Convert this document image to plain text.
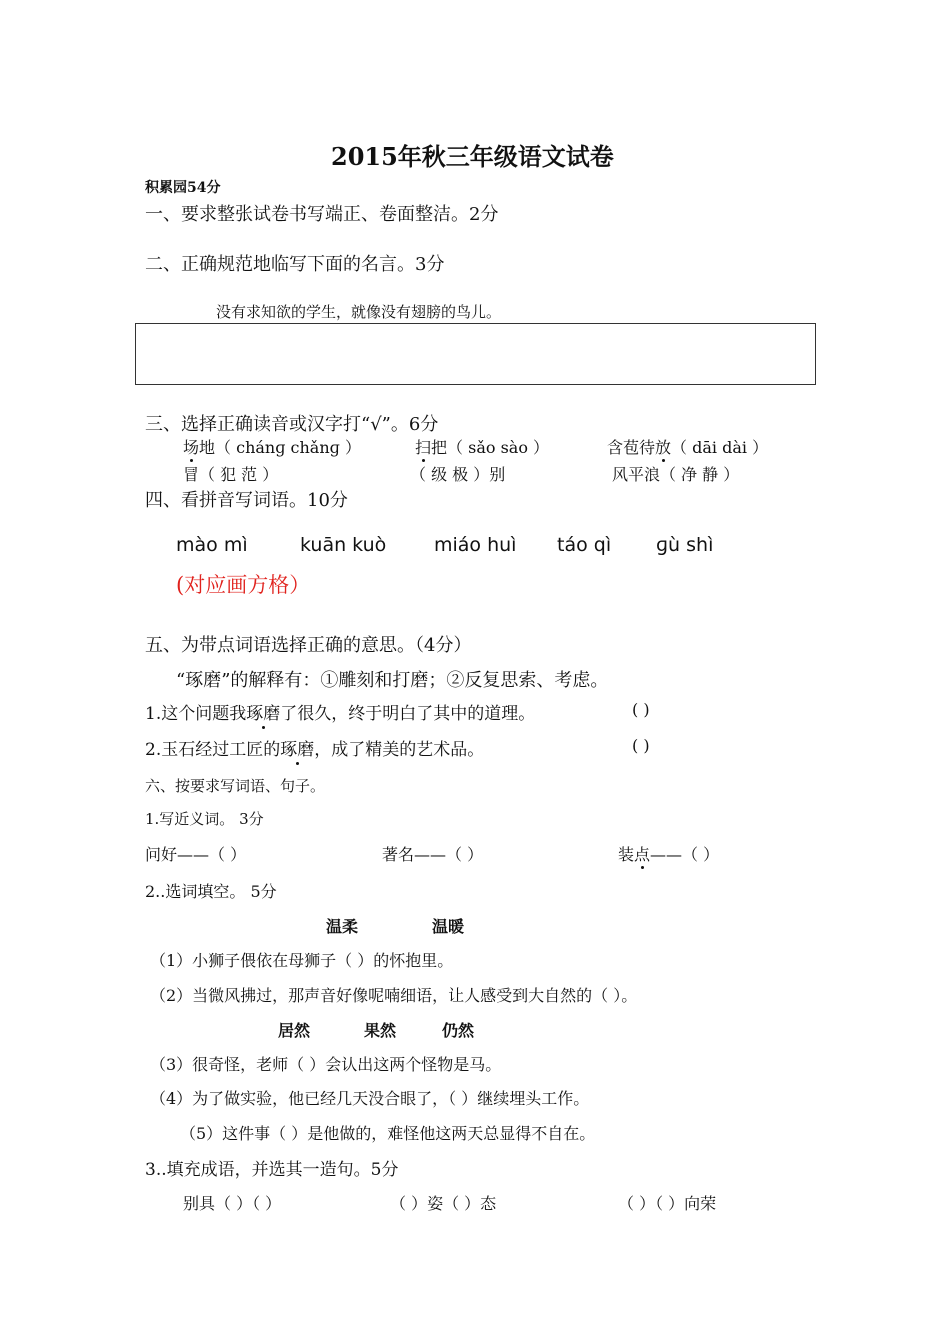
2015年秋三年级语文试卷
积累园54分
一、要求整张试卷书写端正、卷面整洁。2分
二、正确规范地临写下面的名言。3分
没有求知欲的学生，就像没有翅膀的鸟儿。
三、选择正确读音或汉字打“√”。6分
场地（ chánɡ chǎnɡ ）	扫把（ sǎo sào ）	含苞待放（ dāi dài ）
冒（ 犯 范 ）	（ 级 极 ）别	风平浪（ 净 静 ）
四、看拼音写词语。10分
mào mì	kuān kuò	miáo huì táo qì ɡù shì
(对应画方格）
五、为带点词语选择正确的意思。（4分）
“琢磨”的解释有：①雕刻和打磨；②反复思索、考虑。
1.这个问题我琢磨了很久，终于明白了其中的道理。	( )
2.玉石经过工匠的琢磨，成了精美的艺术品。	( )
六、按要求写词语、句子。
1.写近义词。 3分
问好——（ ）	著名——（ ）	装点——（ ）
2..选词填空。 5分
温柔	温暖
（1）小狮子偎依在母狮子（ ）的怀抱里。
（2）当微风拂过，那声音好像呢喃细语，让人感受到大自然的（ ）。
居然	果然	仍然
（3）很奇怪，老师（ ）会认出这两个怪物是马。
（4）为了做实验，他已经几天没合眼了，（ ）继续埋头工作。
（5）这件事（ ）是他做的，难怪他这两天总显得不自在。
3..填充成语，并选其一造句。5分
别具（ ）（ ）	（ ）姿（ ）态	（ ）（ ）向荣
